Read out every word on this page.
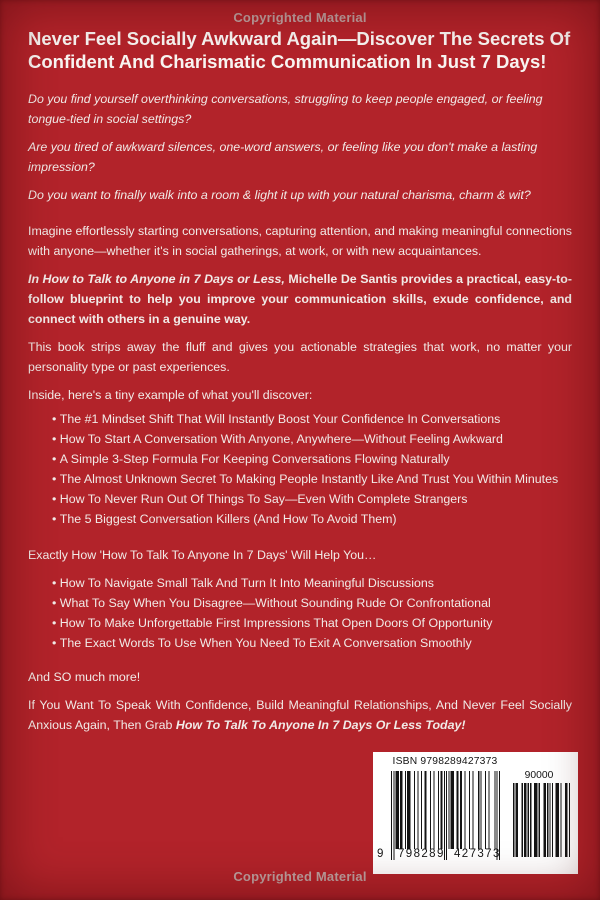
Copyrighted Material
Never Feel Socially Awkward Again—Discover The Secrets Of Confident And Charismatic Communication In Just 7 Days!

Do you find yourself overthinking conversations, struggling to keep people engaged, or feeling tongue-tied in social settings?

Are you tired of awkward silences, one-word answers, or feeling like you don't make a lasting impression?

Do you want to finally walk into a room & light it up with your natural charisma, charm & wit?

Imagine effortlessly starting conversations, capturing attention, and making meaningful connections with anyone—whether it's in social gatherings, at work, or with new acquaintances.

In How to Talk to Anyone in 7 Days or Less, Michelle De Santis provides a practical, easy-to-follow blueprint to help you improve your communication skills, exude confidence, and connect with others in a genuine way.

This book strips away the fluff and gives you actionable strategies that work, no matter your personality type or past experiences.

Inside, here's a tiny example of what you'll discover:

• The #1 Mindset Shift That Will Instantly Boost Your Confidence In Conversations
• How To Start A Conversation With Anyone, Anywhere—Without Feeling Awkward
• A Simple 3-Step Formula For Keeping Conversations Flowing Naturally
• The Almost Unknown Secret To Making People Instantly Like And Trust You Within Minutes
• How To Never Run Out Of Things To Say—Even With Complete Strangers
• The 5 Biggest Conversation Killers (And How To Avoid Them)

Exactly How 'How To Talk To Anyone In 7 Days' Will Help You…

• How To Navigate Small Talk And Turn It Into Meaningful Discussions
• What To Say When You Disagree—Without Sounding Rude Or Confrontational
• How To Make Unforgettable First Impressions That Open Doors Of Opportunity
• The Exact Words To Use When You Need To Exit A Conversation Smoothly

And SO much more!

If You Want To Speak With Confidence, Build Meaningful Relationships, And Never Feel Socially Anxious Again, Then Grab How To Talk To Anyone In 7 Days Or Less Today!

ISBN 9798289427373
9 798289 427373
90000
Copyrighted Material
